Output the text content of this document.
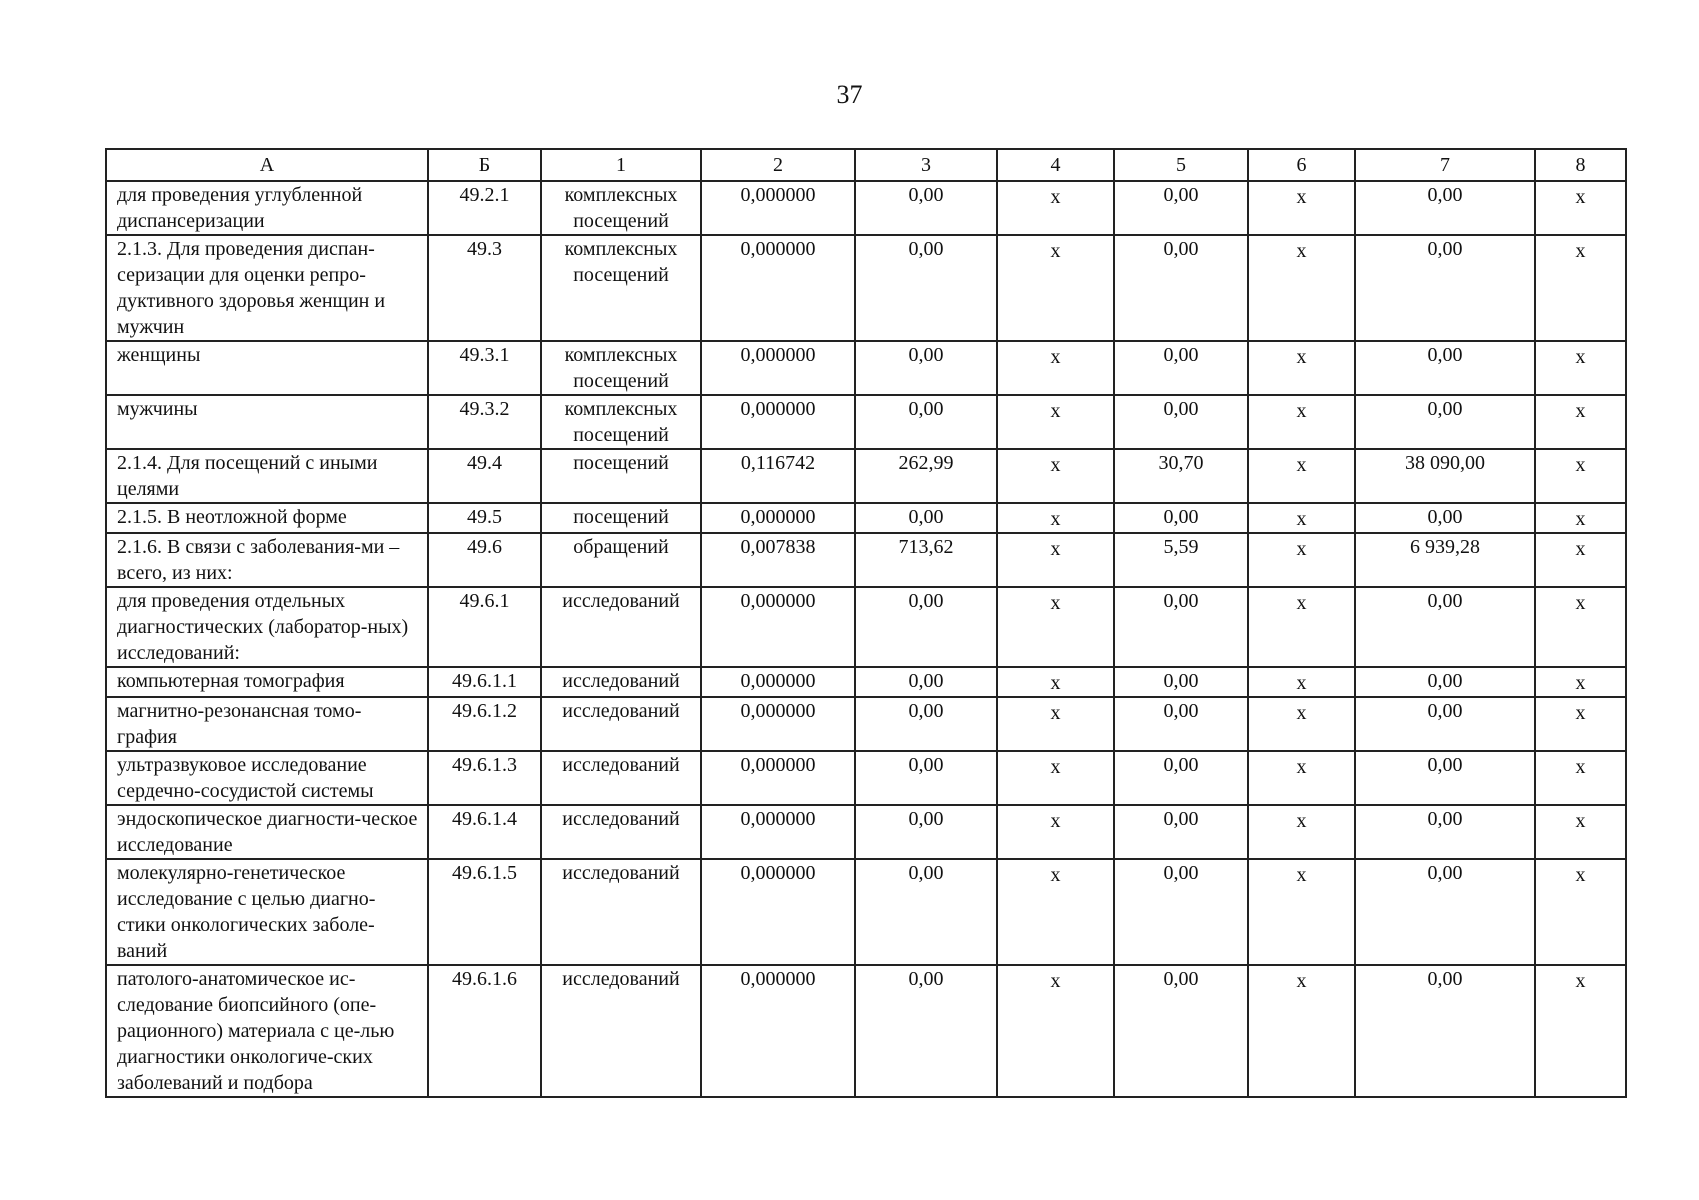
37
А	Б	1	2	3	4	5	6	7	8
для проведения углубленной диспансеризации	49.2.1	комплексных посещений	0,000000	0,00	х	0,00	х	0,00	х
2.1.3. Для проведения диспан-серизации для оценки репро-дуктивного здоровья женщин и мужчин	49.3	комплексных посещений	0,000000	0,00	х	0,00	х	0,00	х
женщины	49.3.1	комплексных посещений	0,000000	0,00	х	0,00	х	0,00	х
мужчины	49.3.2	комплексных посещений	0,000000	0,00	х	0,00	х	0,00	х
2.1.4. Для посещений с иными целями	49.4	посещений	0,116742	262,99	х	30,70	х	38 090,00	х
2.1.5. В неотложной форме	49.5	посещений	0,000000	0,00	х	0,00	х	0,00	х
2.1.6. В связи с заболевания-ми – всего, из них:	49.6	обращений	0,007838	713,62	х	5,59	х	6 939,28	х
для проведения отдельных диагностических (лаборатор-ных) исследований:	49.6.1	исследований	0,000000	0,00	х	0,00	х	0,00	х
компьютерная томография	49.6.1.1	исследований	0,000000	0,00	х	0,00	х	0,00	х
магнитно-резонансная томо-графия	49.6.1.2	исследований	0,000000	0,00	х	0,00	х	0,00	х
ультразвуковое исследование сердечно-сосудистой системы	49.6.1.3	исследований	0,000000	0,00	х	0,00	х	0,00	х
эндоскопическое диагности-ческое исследование	49.6.1.4	исследований	0,000000	0,00	х	0,00	х	0,00	х
молекулярно-генетическое исследование с целью диагно-стики онкологических заболе-ваний	49.6.1.5	исследований	0,000000	0,00	х	0,00	х	0,00	х
патолого-анатомическое ис-следование биопсийного (опе-рационного) материала с це-лью диагностики онкологиче-ских заболеваний и подбора	49.6.1.6	исследований	0,000000	0,00	х	0,00	х	0,00	х
